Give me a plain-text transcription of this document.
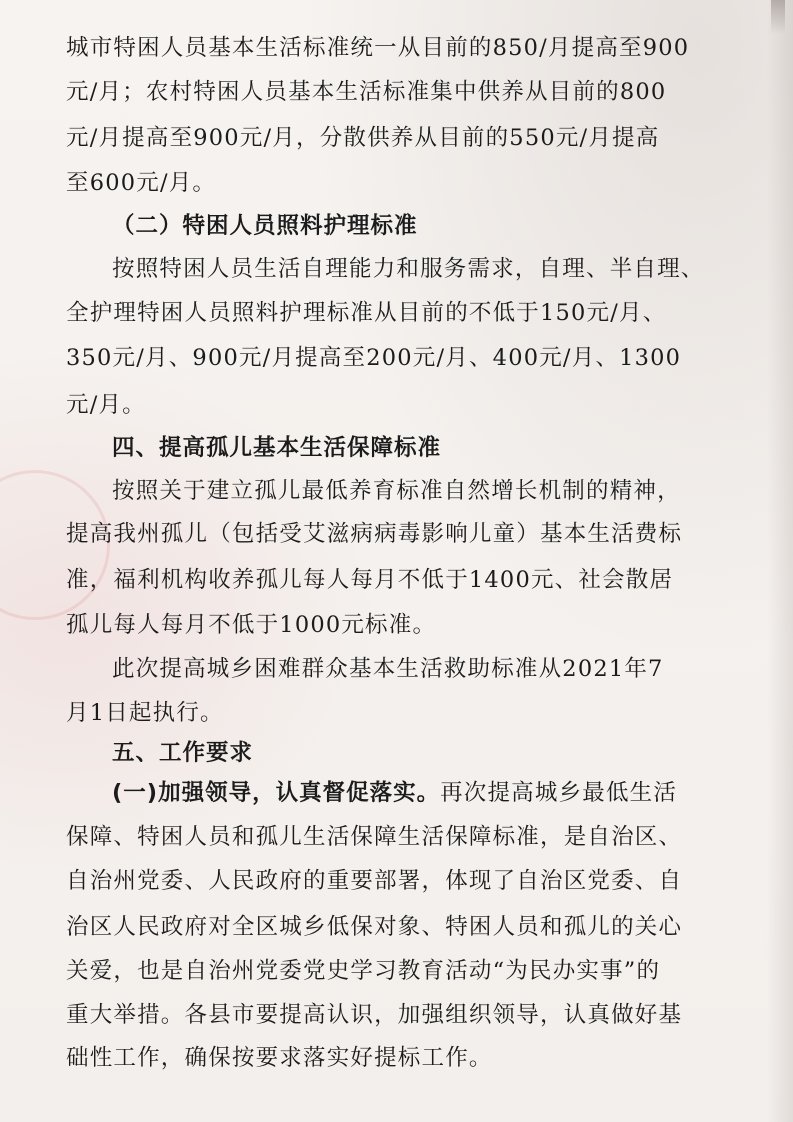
城市特困人员基本生活标准统一从目前的850/月提高至900
元/月；农村特困人员基本生活标准集中供养从目前的800
元/月提高至900元/月，分散供养从目前的550元/月提高
至600元/月。
（二）特困人员照料护理标准
按照特困人员生活自理能力和服务需求，自理、半自理、
全护理特困人员照料护理标准从目前的不低于150元/月、
350元/月、900元/月提高至200元/月、400元/月、1300
元/月。
四、提高孤儿基本生活保障标准
按照关于建立孤儿最低养育标准自然增长机制的精神，
提高我州孤儿（包括受艾滋病病毒影响儿童）基本生活费标
准，福利机构收养孤儿每人每月不低于1400元、社会散居
孤儿每人每月不低于1000元标准。
此次提高城乡困难群众基本生活救助标准从2021年7
月1日起执行。
五、工作要求
(一)加强领导，认真督促落实。再次提高城乡最低生活
保障、特困人员和孤儿生活保障生活保障标准，是自治区、
自治州党委、人民政府的重要部署，体现了自治区党委、自
治区人民政府对全区城乡低保对象、特困人员和孤儿的关心
关爱，也是自治州党委党史学习教育活动“为民办实事”的
重大举措。各县市要提高认识，加强组织领导，认真做好基
础性工作，确保按要求落实好提标工作。
